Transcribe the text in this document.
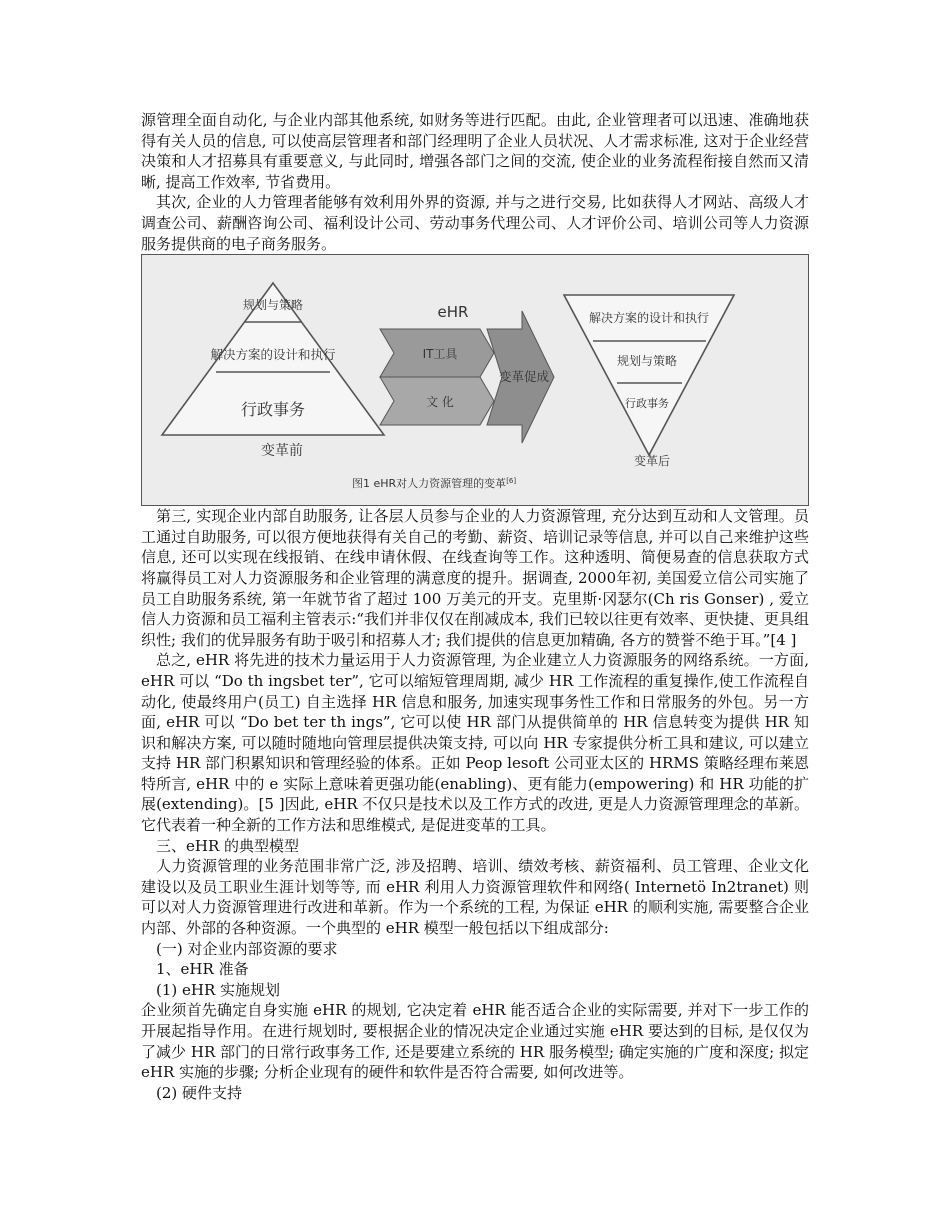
源管理全面自动化, 与企业内部其他系统, 如财务等进行匹配。由此, 企业管理者可以迅速、准确地获得有关人员的信息, 可以使高层管理者和部门经理明了企业人员状况、人才需求标准, 这对于企业经营决策和人才招募具有重要意义, 与此同时, 增强各部门之间的交流, 使企业的业务流程衔接自然而又清晰, 提高工作效率, 节省费用。

其次, 企业的人力管理者能够有效利用外界的资源, 并与之进行交易, 比如获得人才网站、高级人才调查公司、薪酬咨询公司、福利设计公司、劳动事务代理公司、人才评价公司、培训公司等人力资源服务提供商的电子商务服务。

规划与策略
解决方案的设计和执行
行政事务
变革前
eHR
IT工具
文 化
变革促成
解决方案的设计和执行
规划与策略
行政事务
变革后
图1 eHR对人力资源管理的变革[6]

第三, 实现企业内部自助服务, 让各层人员参与企业的人力资源管理, 充分达到互动和人文管理。员工通过自助服务, 可以很方便地获得有关自己的考勤、薪资、培训记录等信息, 并可以自己来维护这些信息, 还可以实现在线报销、在线申请休假、在线查询等工作。这种透明、简便易查的信息获取方式将赢得员工对人力资源服务和企业管理的满意度的提升。据调查, 2000年初, 美国爱立信公司实施了员工自助服务系统, 第一年就节省了超过 100 万美元的开支。克里斯·冈瑟尔(Ch ris Gonser) , 爱立信人力资源和员工福利主管表示:“我们并非仅仅在削减成本, 我们已较以往更有效率、更快捷、更具组织性; 我们的优异服务有助于吸引和招募人才; 我们提供的信息更加精确, 各方的赞誉不绝于耳。”[4 ]

总之, eHR 将先进的技术力量运用于人力资源管理, 为企业建立人力资源服务的网络系统。一方面, eHR 可以 “Do th ingsbet ter”, 它可以缩短管理周期, 减少 HR 工作流程的重复操作,使工作流程自动化, 使最终用户(员工) 自主选择 HR 信息和服务, 加速实现事务性工作和日常服务的外包。另一方面, eHR 可以 “Do bet ter th ings”, 它可以使 HR 部门从提供简单的 HR 信息转变为提供 HR 知识和解决方案, 可以随时随地向管理层提供决策支持, 可以向 HR 专家提供分析工具和建议, 可以建立支持 HR 部门积累知识和管理经验的体系。正如 Peop lesoft 公司亚太区的 HRMS 策略经理布莱恩特所言, eHR 中的 e 实际上意味着更强功能(enabling)、更有能力(empowering) 和 HR 功能的扩展(extending)。[5 ]因此, eHR 不仅只是技术以及工作方式的改进, 更是人力资源管理理念的革新。它代表着一种全新的工作方法和思维模式, 是促进变革的工具。

三、eHR 的典型模型

人力资源管理的业务范围非常广泛, 涉及招聘、培训、绩效考核、薪资福利、员工管理、企业文化建设以及员工职业生涯计划等等, 而 eHR 利用人力资源管理软件和网络( Internetö In2tranet) 则可以对人力资源管理进行改进和革新。作为一个系统的工程, 为保证 eHR 的顺利实施, 需要整合企业内部、外部的各种资源。一个典型的 eHR 模型一般包括以下组成部分:

(一) 对企业内部资源的要求

1、eHR 准备

(1) eHR 实施规划

企业须首先确定自身实施 eHR 的规划, 它决定着 eHR 能否适合企业的实际需要, 并对下一步工作的开展起指导作用。在进行规划时, 要根据企业的情况决定企业通过实施 eHR 要达到的目标, 是仅仅为了减少 HR 部门的日常行政事务工作, 还是要建立系统的 HR 服务模型; 确定实施的广度和深度; 拟定 eHR 实施的步骤; 分析企业现有的硬件和软件是否符合需要, 如何改进等。

(2) 硬件支持
